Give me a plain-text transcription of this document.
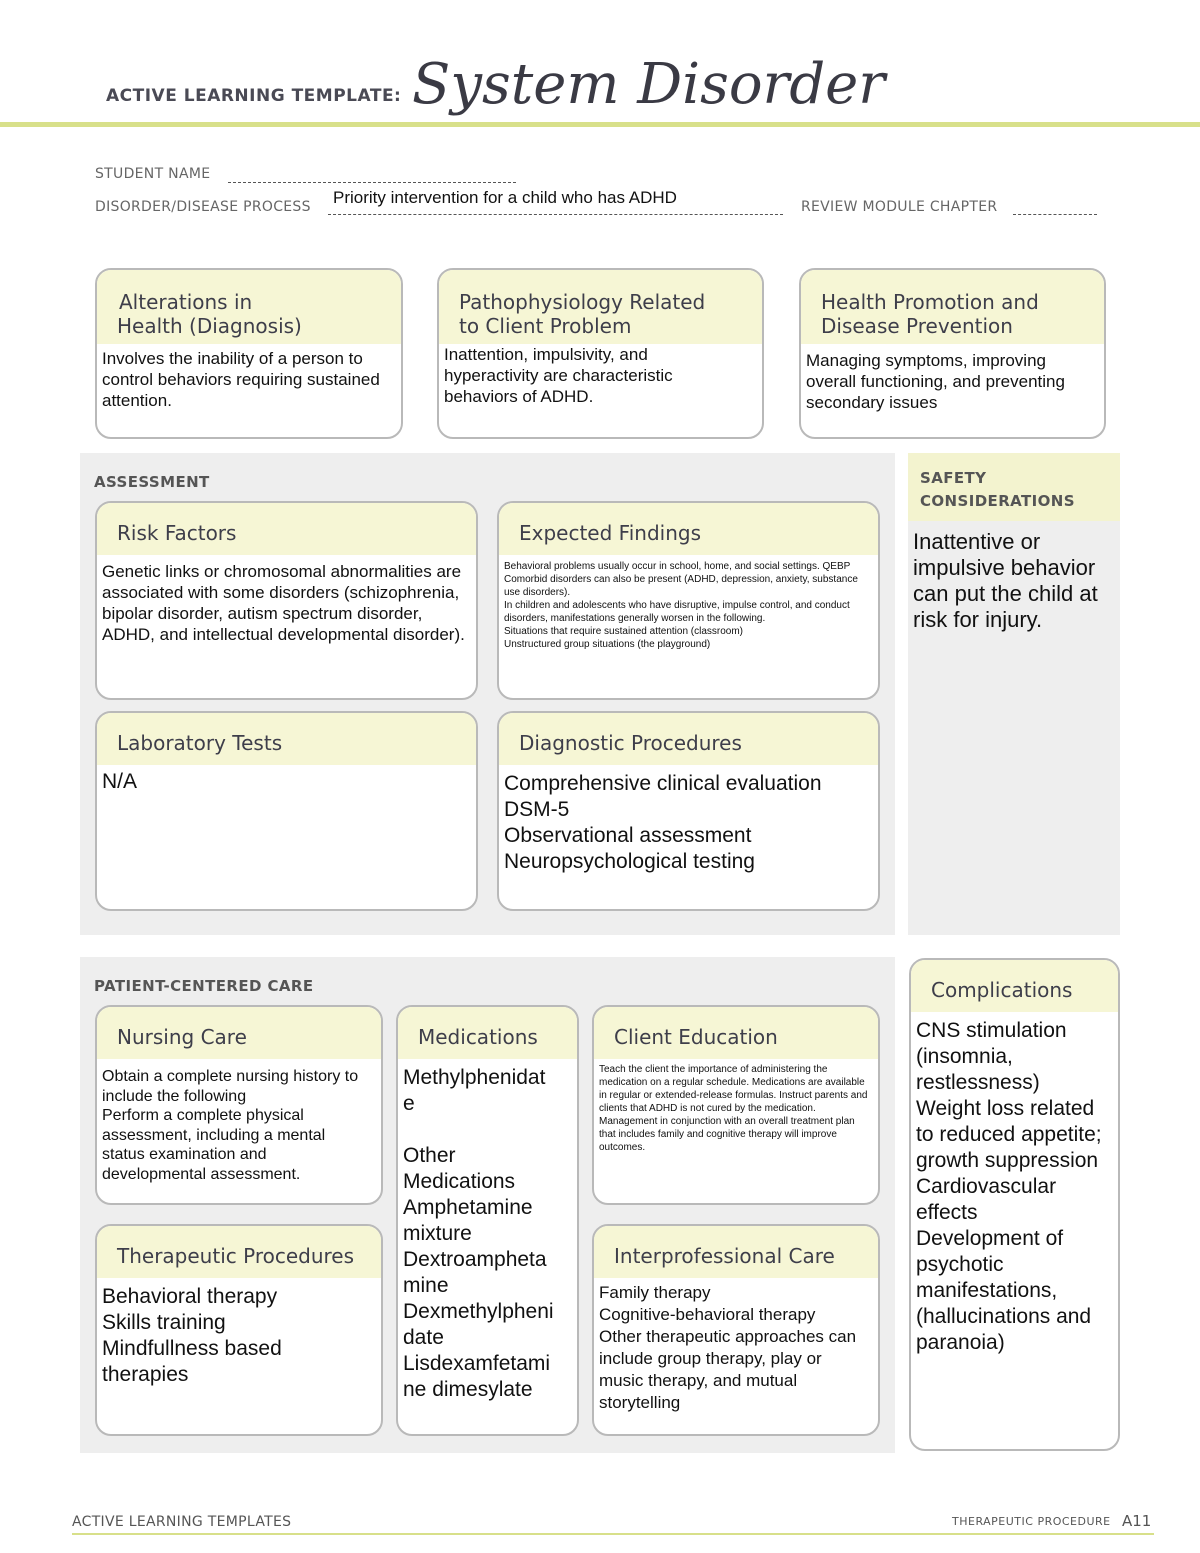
ACTIVE LEARNING TEMPLATE: System Disorder
STUDENT NAME
DISORDER/DISEASE PROCESS Priority intervention for a child who has ADHD	REVIEW MODULE CHAPTER
Alterations in
Health (Diagnosis)
Involves the inability of a person to control behaviors requiring sustained attention.
Pathophysiology Related
to Client Problem
Inattention, impulsivity, and hyperactivity are characteristic behaviors of ADHD.
Health Promotion and
Disease Prevention
Managing symptoms, improving overall functioning, and preventing secondary issues
ASSESSMENT
Risk Factors
Genetic links or chromosomal abnormalities are associated with some disorders (schizophrenia, bipolar disorder, autism spectrum disorder, ADHD, and intellectual developmental disorder).
Expected Findings
Behavioral problems usually occur in school, home, and social settings. QEBP
Comorbid disorders can also be present (ADHD, depression, anxiety, substance use disorders).
In children and adolescents who have disruptive, impulse control, and conduct disorders, manifestations generally worsen in the following.
Situations that require sustained attention (classroom)
Unstructured group situations (the playground)
Laboratory Tests
N/A
Diagnostic Procedures
Comprehensive clinical evaluation
DSM-5
Observational assessment
Neuropsychological testing
SAFETY
CONSIDERATIONS
Inattentive or impulsive behavior can put the child at risk for injury.
PATIENT-CENTERED CARE
Nursing Care
Obtain a complete nursing history to include the following
Perform a complete physical assessment, including a mental status examination and developmental assessment.
Medications
Methylphenidat
e
Other
Medications
Amphetamine
mixture
Dextroampheta
mine
Dexmethylpheni
date
Lisdexamfetami
ne dimesylate
Client Education
Teach the client the importance of administering the medication on a regular schedule. Medications are available in regular or extended-release formulas. Instruct parents and clients that ADHD is not cured by the medication. Management in conjunction with an overall treatment plan that includes family and cognitive therapy will improve outcomes.
Therapeutic Procedures
Behavioral therapy
Skills training
Mindfullness based
therapies
Interprofessional Care
Family therapy
Cognitive-behavioral therapy
Other therapeutic approaches can include group therapy, play or music therapy, and mutual storytelling
Complications
CNS stimulation (insomnia, restlessness)
Weight loss related to reduced appetite; growth suppression
Cardiovascular effects
Development of psychotic manifestations, (hallucinations and paranoia)
ACTIVE LEARNING TEMPLATES	THERAPEUTIC PROCEDURE A11
